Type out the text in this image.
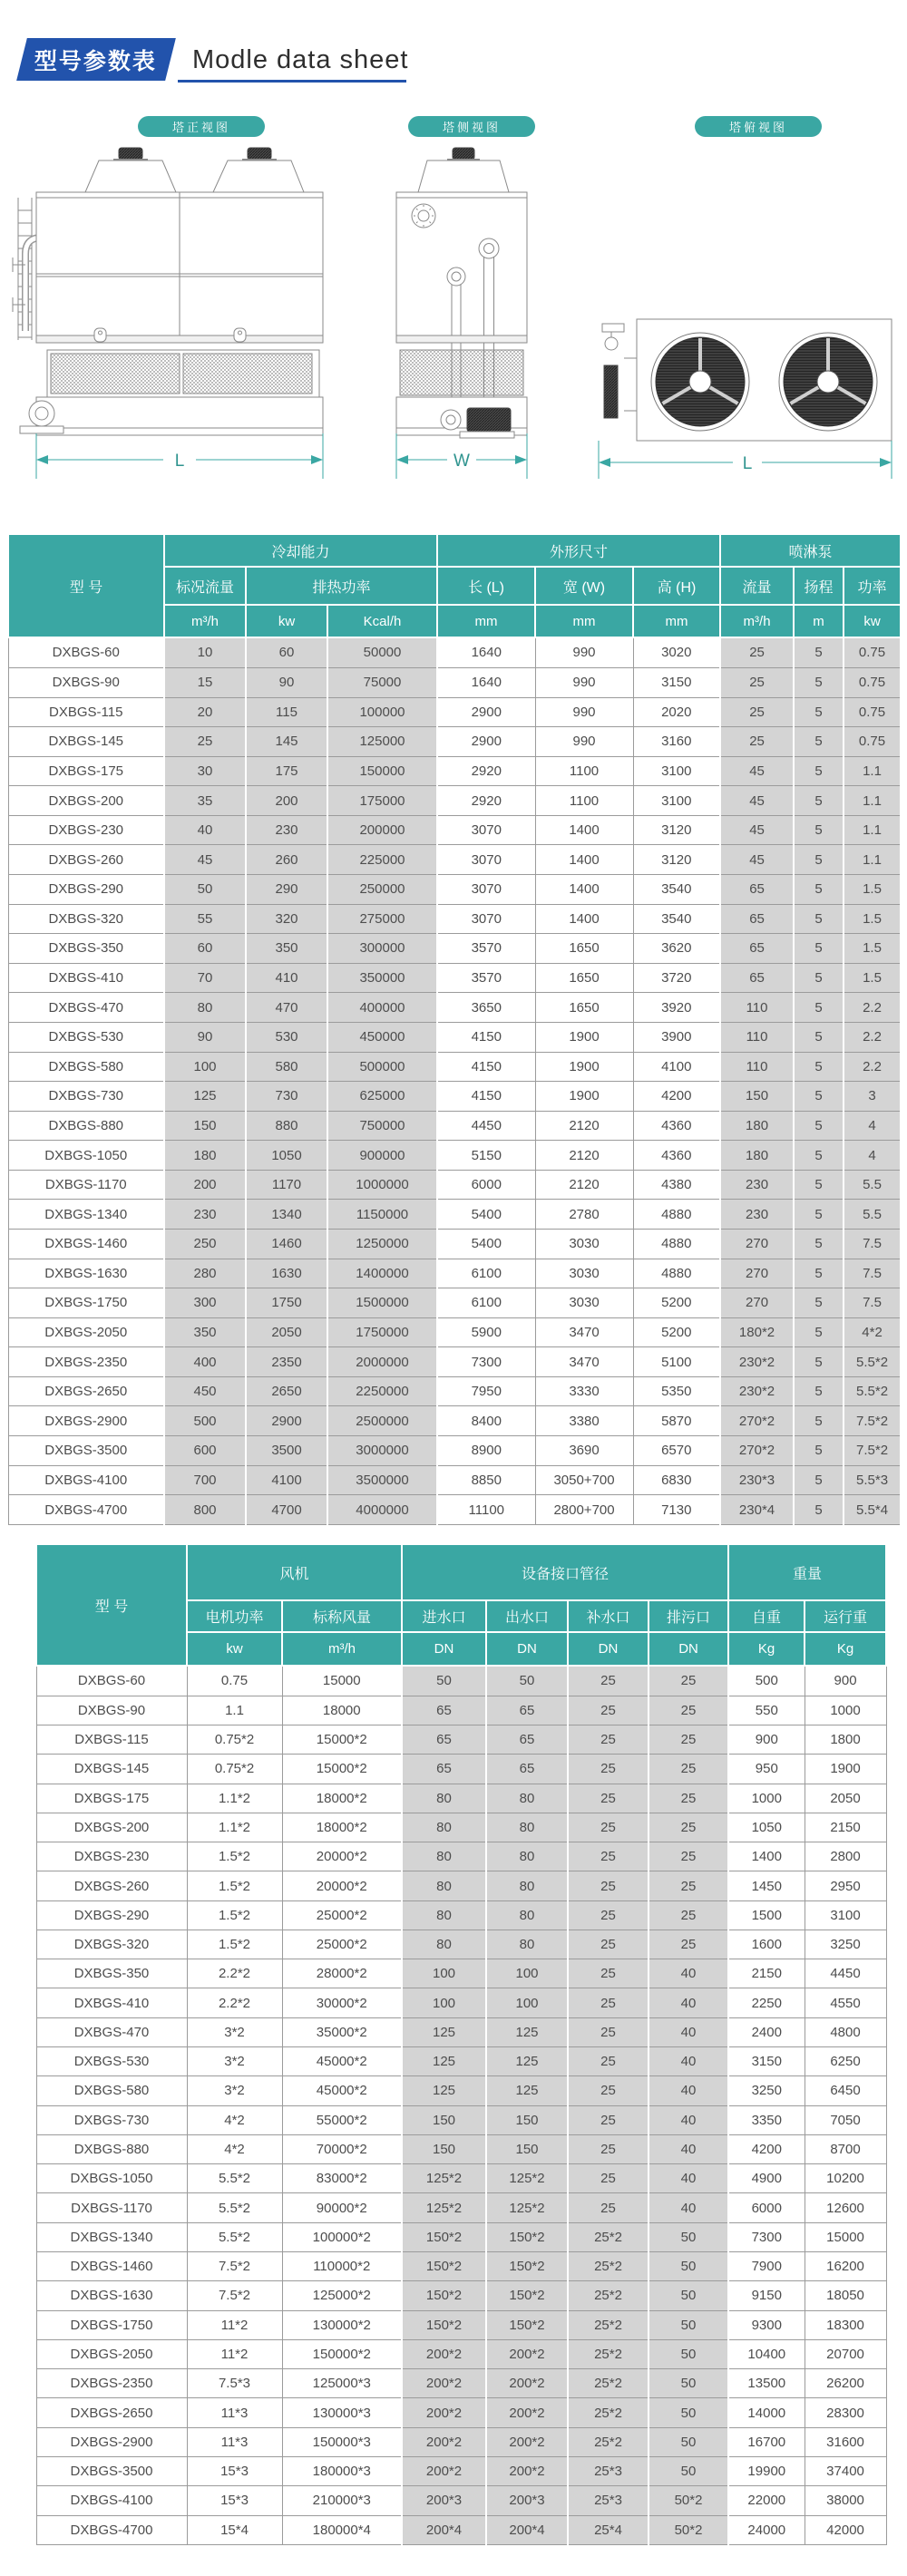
型号参数表 Modle data sheet
塔正视图	塔侧视图	塔俯视图
L	W	L
型 号	冷却能力			外形尺寸			喷淋泵		
	标况流量	排热功率		长 (L)	宽 (W)	高 (H)	流量	扬程	功率
	m³/h	kw	Kcal/h	mm	mm	mm	m³/h	m	kw
DXBGS-60	10	60	50000	1640	990	3020	25	5	0.75
DXBGS-90	15	90	75000	1640	990	3150	25	5	0.75
DXBGS-115	20	115	100000	2900	990	2020	25	5	0.75
DXBGS-145	25	145	125000	2900	990	3160	25	5	0.75
DXBGS-175	30	175	150000	2920	1100	3100	45	5	1.1
DXBGS-200	35	200	175000	2920	1100	3100	45	5	1.1
DXBGS-230	40	230	200000	3070	1400	3120	45	5	1.1
DXBGS-260	45	260	225000	3070	1400	3120	45	5	1.1
DXBGS-290	50	290	250000	3070	1400	3540	65	5	1.5
DXBGS-320	55	320	275000	3070	1400	3540	65	5	1.5
DXBGS-350	60	350	300000	3570	1650	3620	65	5	1.5
DXBGS-410	70	410	350000	3570	1650	3720	65	5	1.5
DXBGS-470	80	470	400000	3650	1650	3920	110	5	2.2
DXBGS-530	90	530	450000	4150	1900	3900	110	5	2.2
DXBGS-580	100	580	500000	4150	1900	4100	110	5	2.2
DXBGS-730	125	730	625000	4150	1900	4200	150	5	3
DXBGS-880	150	880	750000	4450	2120	4360	180	5	4
DXBGS-1050	180	1050	900000	5150	2120	4360	180	5	4
DXBGS-1170	200	1170	1000000	6000	2120	4380	230	5	5.5
DXBGS-1340	230	1340	1150000	5400	2780	4880	230	5	5.5
DXBGS-1460	250	1460	1250000	5400	3030	4880	270	5	7.5
DXBGS-1630	280	1630	1400000	6100	3030	4880	270	5	7.5
DXBGS-1750	300	1750	1500000	6100	3030	5200	270	5	7.5
DXBGS-2050	350	2050	1750000	5900	3470	5200	180*2	5	4*2
DXBGS-2350	400	2350	2000000	7300	3470	5100	230*2	5	5.5*2
DXBGS-2650	450	2650	2250000	7950	3330	5350	230*2	5	5.5*2
DXBGS-2900	500	2900	2500000	8400	3380	5870	270*2	5	7.5*2
DXBGS-3500	600	3500	3000000	8900	3690	6570	270*2	5	7.5*2
DXBGS-4100	700	4100	3500000	8850	3050+700	6830	230*3	5	5.5*3
DXBGS-4700	800	4700	4000000	11100	2800+700	7130	230*4	5	5.5*4
型 号	风机		设备接口管径				重量	
	电机功率	标称风量	进水口	出水口	补水口	排污口	自重	运行重
	kw	m³/h	DN	DN	DN	DN	Kg	Kg
DXBGS-60	0.75	15000	50	50	25	25	500	900
DXBGS-90	1.1	18000	65	65	25	25	550	1000
DXBGS-115	0.75*2	15000*2	65	65	25	25	900	1800
DXBGS-145	0.75*2	15000*2	65	65	25	25	950	1900
DXBGS-175	1.1*2	18000*2	80	80	25	25	1000	2050
DXBGS-200	1.1*2	18000*2	80	80	25	25	1050	2150
DXBGS-230	1.5*2	20000*2	80	80	25	25	1400	2800
DXBGS-260	1.5*2	20000*2	80	80	25	25	1450	2950
DXBGS-290	1.5*2	25000*2	80	80	25	25	1500	3100
DXBGS-320	1.5*2	25000*2	80	80	25	25	1600	3250
DXBGS-350	2.2*2	28000*2	100	100	25	40	2150	4450
DXBGS-410	2.2*2	30000*2	100	100	25	40	2250	4550
DXBGS-470	3*2	35000*2	125	125	25	40	2400	4800
DXBGS-530	3*2	45000*2	125	125	25	40	3150	6250
DXBGS-580	3*2	45000*2	125	125	25	40	3250	6450
DXBGS-730	4*2	55000*2	150	150	25	40	3350	7050
DXBGS-880	4*2	70000*2	150	150	25	40	4200	8700
DXBGS-1050	5.5*2	83000*2	125*2	125*2	25	40	4900	10200
DXBGS-1170	5.5*2	90000*2	125*2	125*2	25	40	6000	12600
DXBGS-1340	5.5*2	100000*2	150*2	150*2	25*2	50	7300	15000
DXBGS-1460	7.5*2	110000*2	150*2	150*2	25*2	50	7900	16200
DXBGS-1630	7.5*2	125000*2	150*2	150*2	25*2	50	9150	18050
DXBGS-1750	11*2	130000*2	150*2	150*2	25*2	50	9300	18300
DXBGS-2050	11*2	150000*2	200*2	200*2	25*2	50	10400	20700
DXBGS-2350	7.5*3	125000*3	200*2	200*2	25*2	50	13500	26200
DXBGS-2650	11*3	130000*3	200*2	200*2	25*2	50	14000	28300
DXBGS-2900	11*3	150000*3	200*2	200*2	25*2	50	16700	31600
DXBGS-3500	15*3	180000*3	200*2	200*2	25*3	50	19900	37400
DXBGS-4100	15*3	210000*3	200*3	200*3	25*3	50*2	22000	38000
DXBGS-4700	15*4	180000*4	200*4	200*4	25*4	50*2	24000	42000
